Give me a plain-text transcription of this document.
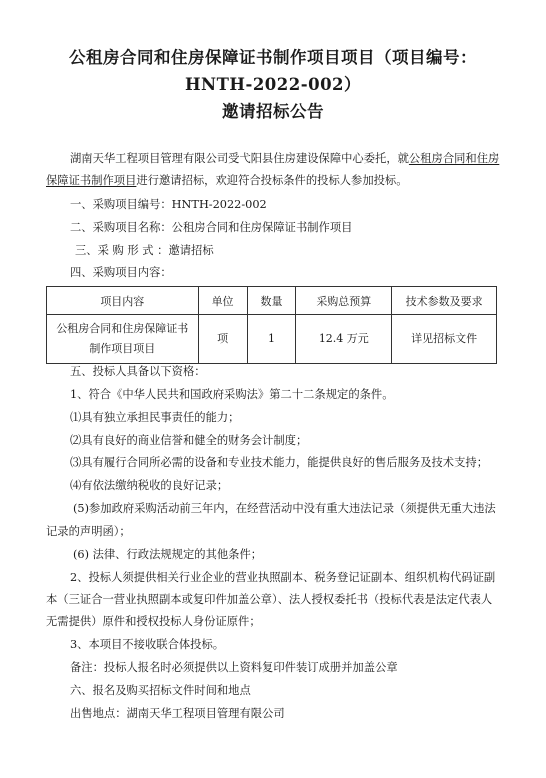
公租房合同和住房保障证书制作项目项目（项目编号：
HNTH-2022-002）
邀请招标公告
湖南天华工程项目管理有限公司受弋阳县住房建设保障中心委托，就公租房合同和住房
保障证书制作项目进行邀请招标，欢迎符合投标条件的投标人参加投标。
一、采购项目编号：HNTH-2022-002
二、采购项目名称：公租房合同和住房保障证书制作项目
三、采 购 形 式 ：邀请招标
四、采购项目内容：
项目内容	单位	数量	采购总预算	技术参数及要求

公租房合同和住房保障证书
制作项目项目	项	1	12.4 万元	详见招标文件
五、投标人具备以下资格：
1、符合《中华人民共和国政府采购法》第二十二条规定的条件。
⑴具有独立承担民事责任的能力；
⑵具有良好的商业信誉和健全的财务会计制度；
⑶具有履行合同所必需的设备和专业技术能力，能提供良好的售后服务及技术支持；
⑷有依法缴纳税收的良好记录；
(5)参加政府采购活动前三年内，在经营活动中没有重大违法记录（须提供无重大违法
记录的声明函）；
(6) 法律、行政法规规定的其他条件；
2、投标人须提供相关行业企业的营业执照副本、税务登记证副本、组织机构代码证副
本（三证合一营业执照副本或复印件加盖公章）、法人授权委托书（投标代表是法定代表人
无需提供）原件和授权投标人身份证原件；
3、本项目不接收联合体投标。
备注：投标人报名时必须提供以上资料复印件装订成册并加盖公章
六、报名及购买招标文件时间和地点
出售地点：湖南天华工程项目管理有限公司
